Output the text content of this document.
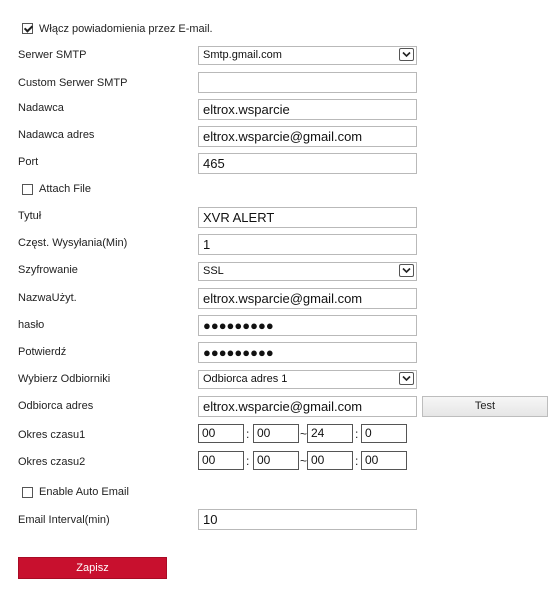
Włącz powiadomienia przez E-mail.
Serwer SMTP	Smtp.gmail.com
Custom Serwer SMTP
Nadawca	eltrox.wsparcie
Nadawca adres	eltrox.wsparcie@gmail.com
Port	465
Attach File
Tytuł	XVR ALERT
Częst. Wysyłania(Min)	1
Szyfrowanie	SSL
NazwaUżyt.	eltrox.wsparcie@gmail.com
hasło	●●●●●●●●●
Potwierdź	●●●●●●●●●
Wybierz Odbiorniki	Odbiorca adres 1
Odbiorca adres	eltrox.wsparcie@gmail.com	Test
Okres czasu1	00	: 00	~ 24	: 0
Okres czasu2	00	: 00	~ 00	: 00
Enable Auto Email
Email Interval(min)	10
Zapisz
